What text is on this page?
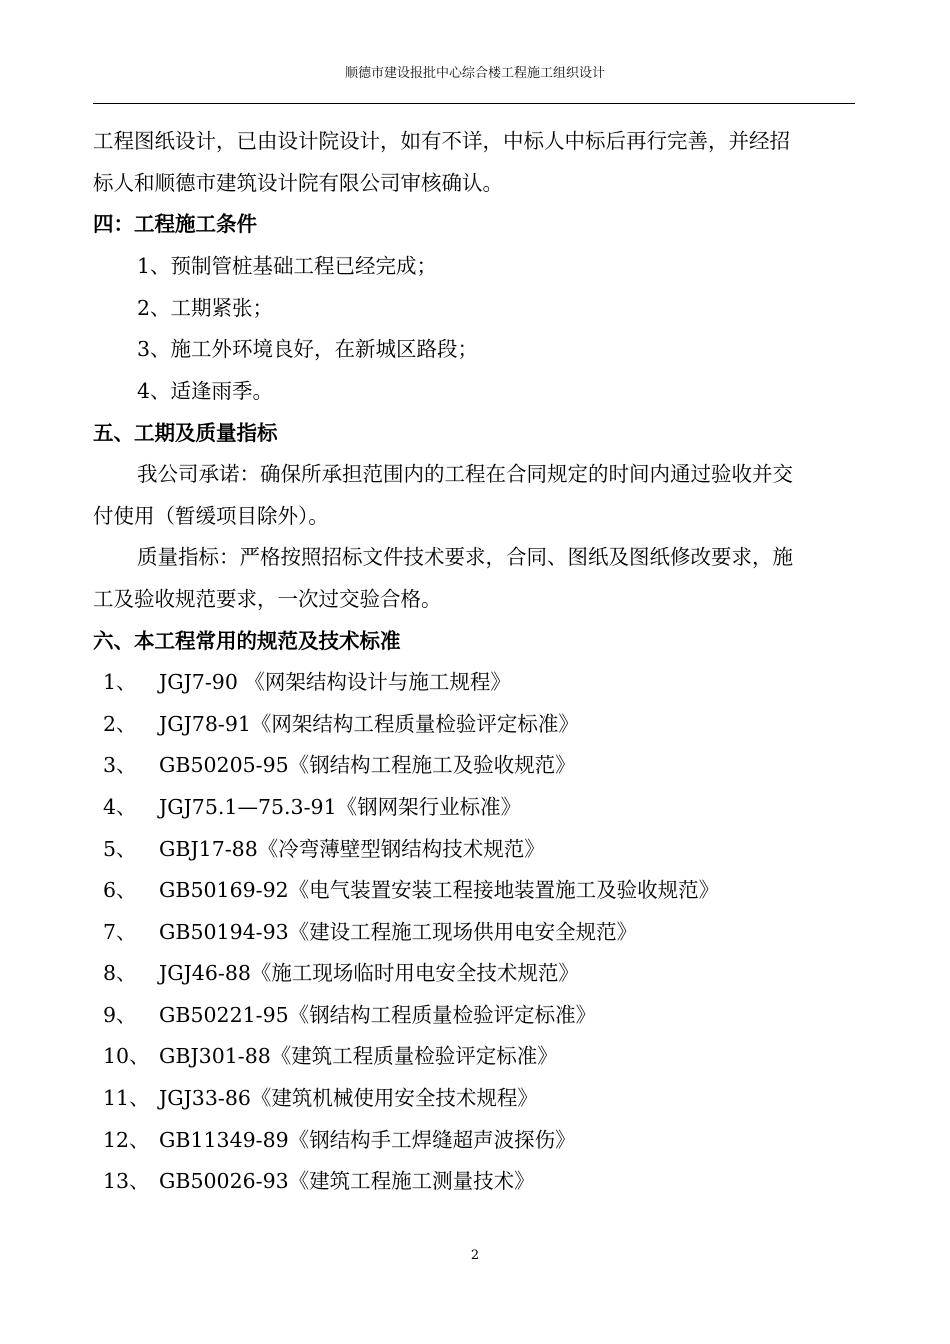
顺德市建设报批中心综合楼工程施工组织设计
工程图纸设计，已由设计院设计，如有不详，中标人中标后再行完善，并经招
标人和顺德市建筑设计院有限公司审核确认。
四：工程施工条件
1、预制管桩基础工程已经完成；
2、工期紧张；
3、施工外环境良好，在新城区路段；
4、适逢雨季。
五、工期及质量指标
我公司承诺：确保所承担范围内的工程在合同规定的时间内通过验收并交
付使用（暂缓项目除外）。
质量指标：严格按照招标文件技术要求，合同、图纸及图纸修改要求，施
工及验收规范要求，一次过交验合格。
六、本工程常用的规范及技术标准
1、 JGJ7-90 《网架结构设计与施工规程》
2、 JGJ78-91《网架结构工程质量检验评定标准》
3、 GB50205-95《钢结构工程施工及验收规范》
4、 JGJ75.1—75.3-91《钢网架行业标准》
5、 GBJ17-88《冷弯薄壁型钢结构技术规范》
6、 GB50169-92《电气装置安装工程接地装置施工及验收规范》
7、 GB50194-93《建设工程施工现场供用电安全规范》
8、 JGJ46-88《施工现场临时用电安全技术规范》
9、 GB50221-95《钢结构工程质量检验评定标准》
10、 GBJ301-88《建筑工程质量检验评定标准》
11、 JGJ33-86《建筑机械使用安全技术规程》
12、 GB11349-89《钢结构手工焊缝超声波探伤》
13、 GB50026-93《建筑工程施工测量技术》
2
